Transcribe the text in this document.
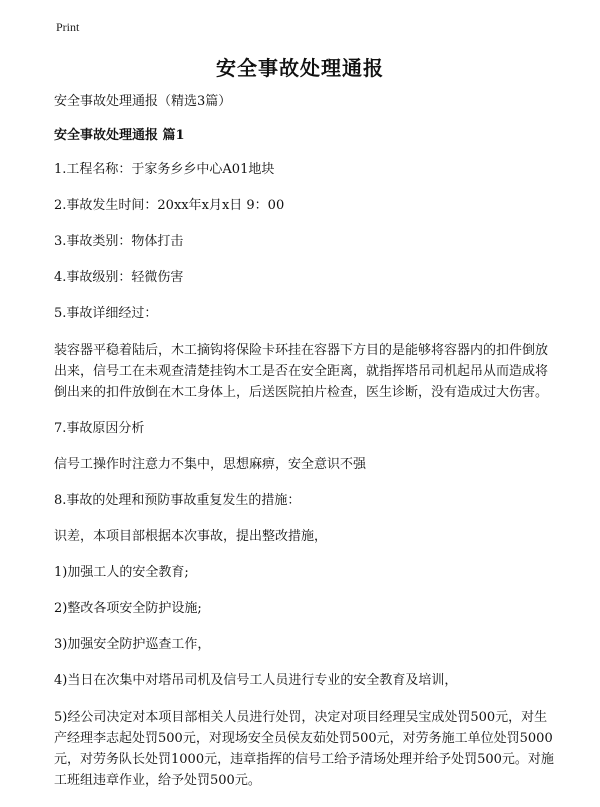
Print
安全事故处理通报

安全事故处理通报（精选3篇）

安全事故处理通报 篇1

1.工程名称：于家务乡乡中心A01地块

2.事故发生时间：20xx年x月x日 9：00

3.事故类别：物体打击

4.事故级别：轻微伤害

5.事故详细经过：

装容器平稳着陆后，木工摘钩将保险卡环挂在容器下方目的是能够将容器内的扣件倒放出来，信号工在未观查清楚挂钩木工是否在安全距离，就指挥塔吊司机起吊从而造成将倒出来的扣件放倒在木工身体上，后送医院拍片检查，医生诊断，没有造成过大伤害。

7.事故原因分析

信号工操作时注意力不集中，思想麻痹，安全意识不强

8.事故的处理和预防事故重复发生的措施：

识差，本项目部根据本次事故，提出整改措施，

1)加强工人的安全教育;

2)整改各项安全防护设施;

3)加强安全防护巡查工作，

4)当日在次集中对塔吊司机及信号工人员进行专业的安全教育及培训，

5)经公司决定对本项目部相关人员进行处罚，决定对项目经理吴宝成处罚500元，对生产经理李志起处罚500元，对现场安全员侯友茹处罚500元，对劳务施工单位处罚5000元，对劳务队长处罚1000元，违章指挥的信号工给予清场处理并给予处罚500元。对施工班组违章作业，给予处罚500元。
